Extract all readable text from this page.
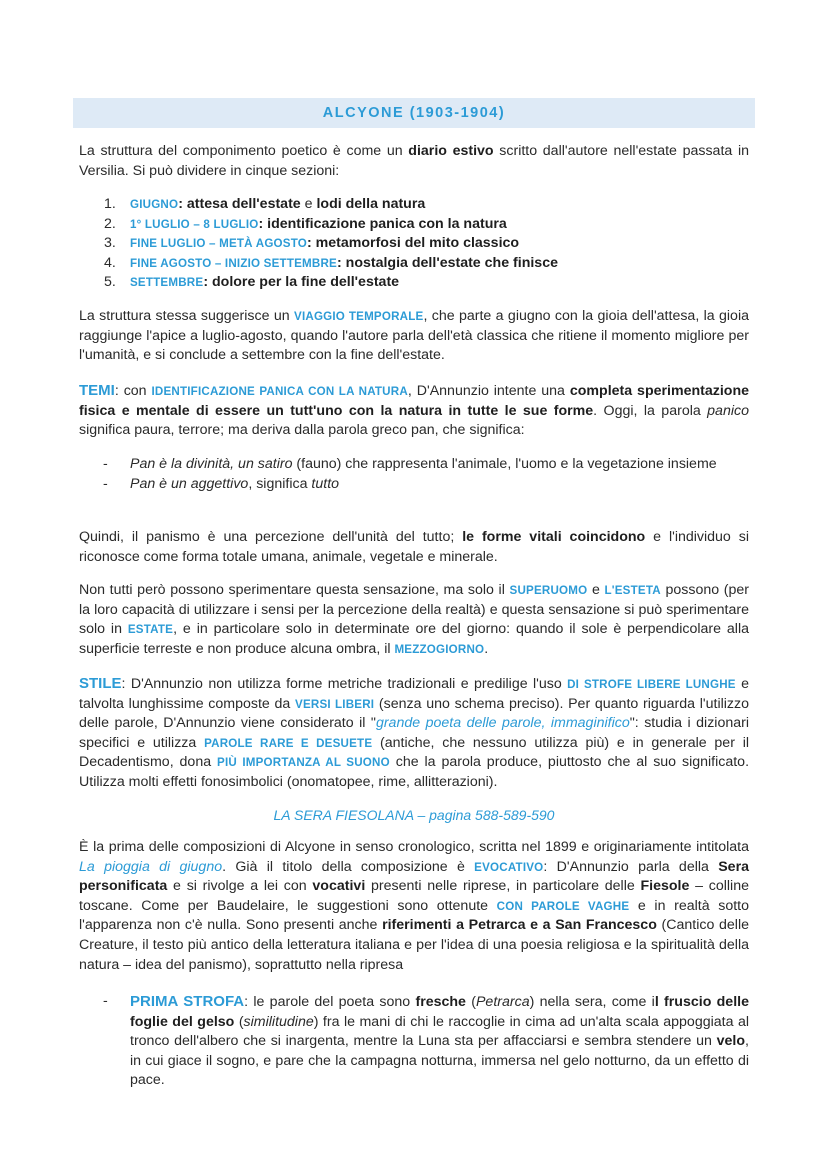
ALCYONE (1903-1904)

La struttura del componimento poetico è come un diario estivo scritto dall'autore nell'estate passata in Versilia. Si può dividere in cinque sezioni:

1. GIUGNO: attesa dell'estate e lodi della natura
2. 1° LUGLIO – 8 LUGLIO: identificazione panica con la natura
3. FINE LUGLIO – METÀ AGOSTO: metamorfosi del mito classico
4. FINE AGOSTO – INIZIO SETTEMBRE: nostalgia dell'estate che finisce
5. SETTEMBRE: dolore per la fine dell'estate

La struttura stessa suggerisce un VIAGGIO TEMPORALE, che parte a giugno con la gioia dell'attesa, la gioia raggiunge l'apice a luglio-agosto, quando l'autore parla dell'età classica che ritiene il momento migliore per l'umanità, e si conclude a settembre con la fine dell'estate.

TEMI: con IDENTIFICAZIONE PANICA CON LA NATURA, D'Annunzio intente una completa sperimentazione fisica e mentale di essere un tutt'uno con la natura in tutte le sue forme. Oggi, la parola panico significa paura, terrore; ma deriva dalla parola greco pan, che significa:

- Pan è la divinità, un satiro (fauno) che rappresenta l'animale, l'uomo e la vegetazione insieme
- Pan è un aggettivo, significa tutto

Quindi, il panismo è una percezione dell'unità del tutto; le forme vitali coincidono e l'individuo si riconosce come forma totale umana, animale, vegetale e minerale.

Non tutti però possono sperimentare questa sensazione, ma solo il SUPERUOMO e L'ESTETA possono (per la loro capacità di utilizzare i sensi per la percezione della realtà) e questa sensazione si può sperimentare solo in ESTATE, e in particolare solo in determinate ore del giorno: quando il sole è perpendicolare alla superficie terreste e non produce alcuna ombra, il MEZZOGIORNO.

STILE: D'Annunzio non utilizza forme metriche tradizionali e predilige l'uso DI STROFE LIBERE LUNGHE e talvolta lunghissime composte da VERSI LIBERI (senza uno schema preciso). Per quanto riguarda l'utilizzo delle parole, D'Annunzio viene considerato il "grande poeta delle parole, immaginifico": studia i dizionari specifici e utilizza PAROLE RARE E DESUETE (antiche, che nessuno utilizza più) e in generale per il Decadentismo, dona PIÙ IMPORTANZA AL SUONO che la parola produce, piuttosto che al suo significato. Utilizza molti effetti fonosimbolici (onomatopee, rime, allitterazioni).

LA SERA FIESOLANA – pagina 588-589-590

È la prima delle composizioni di Alcyone in senso cronologico, scritta nel 1899 e originariamente intitolata La pioggia di giugno. Già il titolo della composizione è EVOCATIVO: D'Annunzio parla della Sera personificata e si rivolge a lei con vocativi presenti nelle riprese, in particolare delle Fiesole – colline toscane. Come per Baudelaire, le suggestioni sono ottenute CON PAROLE VAGHE e in realtà sotto l'apparenza non c'è nulla. Sono presenti anche riferimenti a Petrarca e a San Francesco (Cantico delle Creature, il testo più antico della letteratura italiana e per l'idea di una poesia religiosa e la spiritualità della natura – idea del panismo), soprattutto nella ripresa

- PRIMA STROFA: le parole del poeta sono fresche (Petrarca) nella sera, come il fruscio delle foglie del gelso (similitudine) fra le mani di chi le raccoglie in cima ad un'alta scala appoggiata al tronco dell'albero che si inargenta, mentre la Luna sta per affacciarsi e sembra stendere un velo, in cui giace il sogno, e pare che la campagna notturna, immersa nel gelo notturno, da un effetto di pace.
